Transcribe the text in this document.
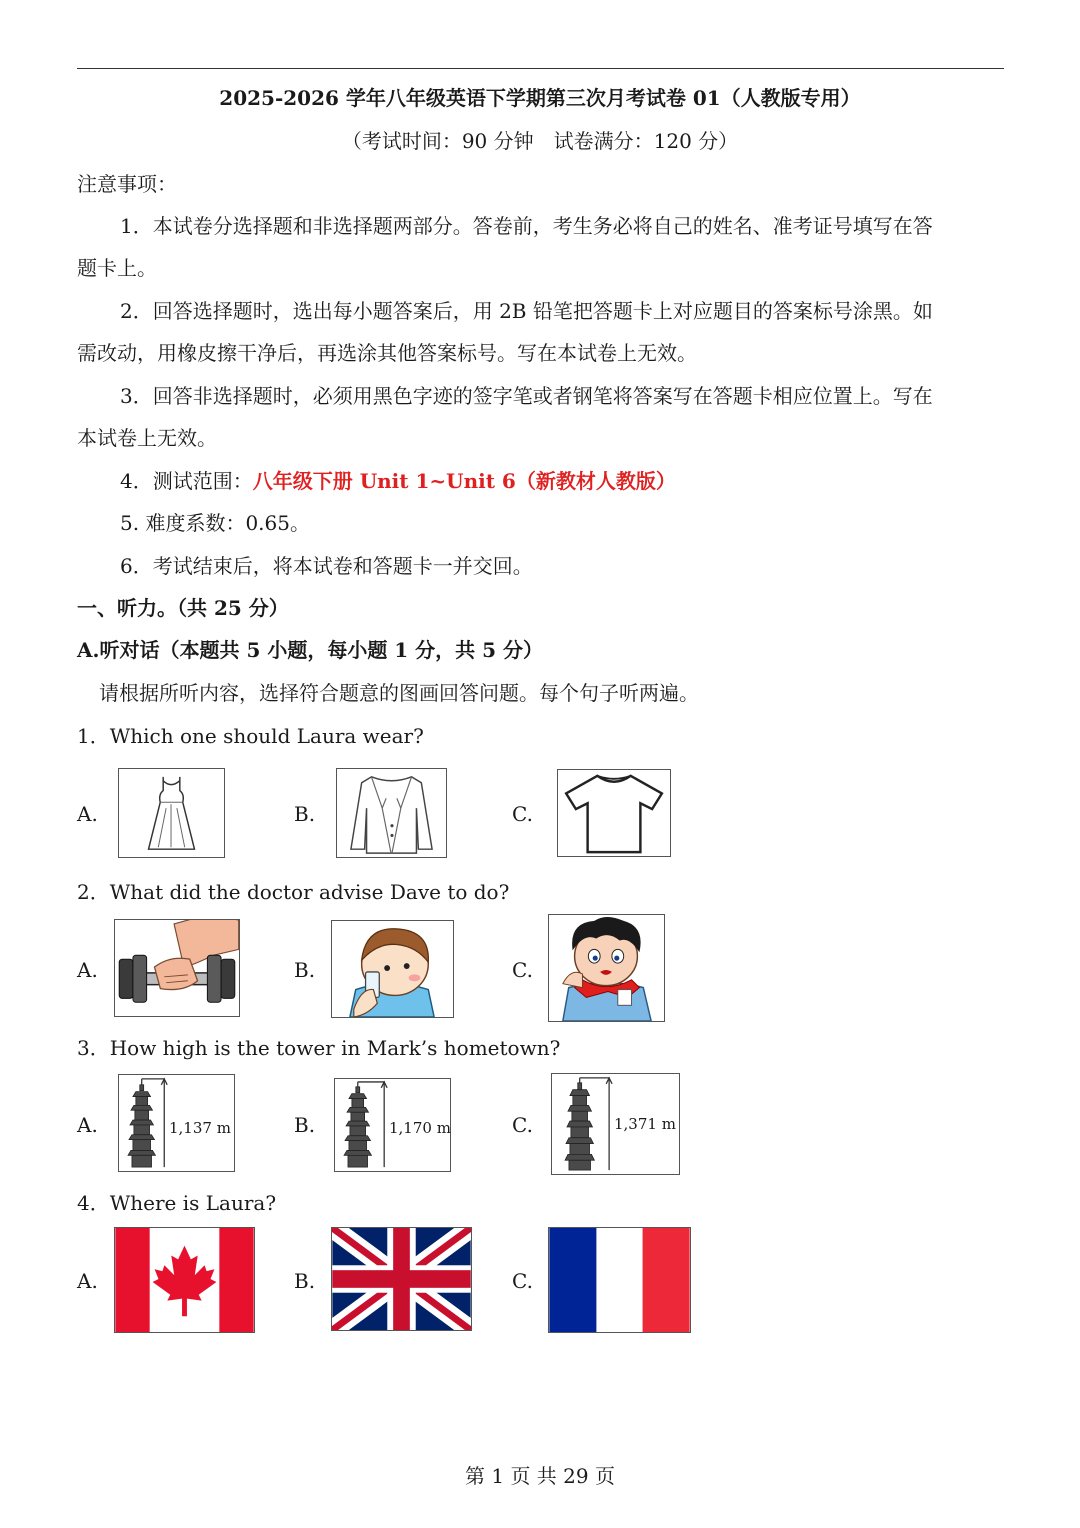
2025-2026 学年八年级英语下学期第三次月考试卷 01（人教版专用）
（考试时间：90 分钟　试卷满分：120 分）
注意事项：
1．本试卷分选择题和非选择题两部分。答卷前，考生务必将自己的姓名、准考证号填写在答
题卡上。
2．回答选择题时，选出每小题答案后，用 2B 铅笔把答题卡上对应题目的答案标号涂黑。如
需改动，用橡皮擦干净后，再选涂其他答案标号。写在本试卷上无效。
3．回答非选择题时，必须用黑色字迹的签字笔或者钢笔将答案写在答题卡相应位置上。写在
本试卷上无效。
4．测试范围：八年级下册 Unit 1~Unit 6（新教材人教版）
5. 难度系数：0.65。
6．考试结束后，将本试卷和答题卡一并交回。
一、听力。（共 25 分）
A.听对话（本题共 5 小题，每小题 1 分，共 5 分）
请根据所听内容，选择符合题意的图画回答问题。每个句子听两遍。
1．Which one should Laura wear?
A.	B.	C.
2．What did the doctor advise Dave to do?
A.	B.	C.
3．How high is the tower in Mark’s hometown?
A.	B.	C.
1,137 m	1,170 m	1,371 m
4．Where is Laura?
A.	B.	C.
第 1 页 共 29 页
